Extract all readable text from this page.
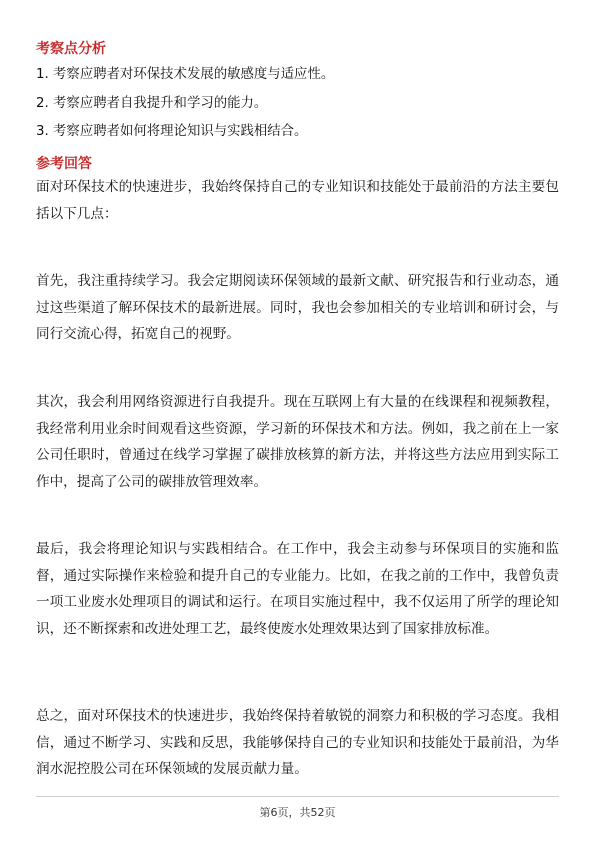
考察点分析
1. 考察应聘者对环保技术发展的敏感度与适应性。
2. 考察应聘者自我提升和学习的能力。
3. 考察应聘者如何将理论知识与实践相结合。
参考回答
面对环保技术的快速进步，我始终保持自己的专业知识和技能处于最前沿的方法主要包括以下几点：
首先，我注重持续学习。我会定期阅读环保领域的最新文献、研究报告和行业动态，通过这些渠道了解环保技术的最新进展。同时，我也会参加相关的专业培训和研讨会，与同行交流心得，拓宽自己的视野。
其次，我会利用网络资源进行自我提升。现在互联网上有大量的在线课程和视频教程，我经常利用业余时间观看这些资源，学习新的环保技术和方法。例如，我之前在上一家公司任职时，曾通过在线学习掌握了碳排放核算的新方法，并将这些方法应用到实际工作中，提高了公司的碳排放管理效率。
最后，我会将理论知识与实践相结合。在工作中，我会主动参与环保项目的实施和监督，通过实际操作来检验和提升自己的专业能力。比如，在我之前的工作中，我曾负责一项工业废水处理项目的调试和运行。在项目实施过程中，我不仅运用了所学的理论知识，还不断探索和改进处理工艺，最终使废水处理效果达到了国家排放标准。
总之，面对环保技术的快速进步，我始终保持着敏锐的洞察力和积极的学习态度。我相信，通过不断学习、实践和反思，我能够保持自己的专业知识和技能处于最前沿，为华润水泥控股公司在环保领域的发展贡献力量。
第6页，共52页
